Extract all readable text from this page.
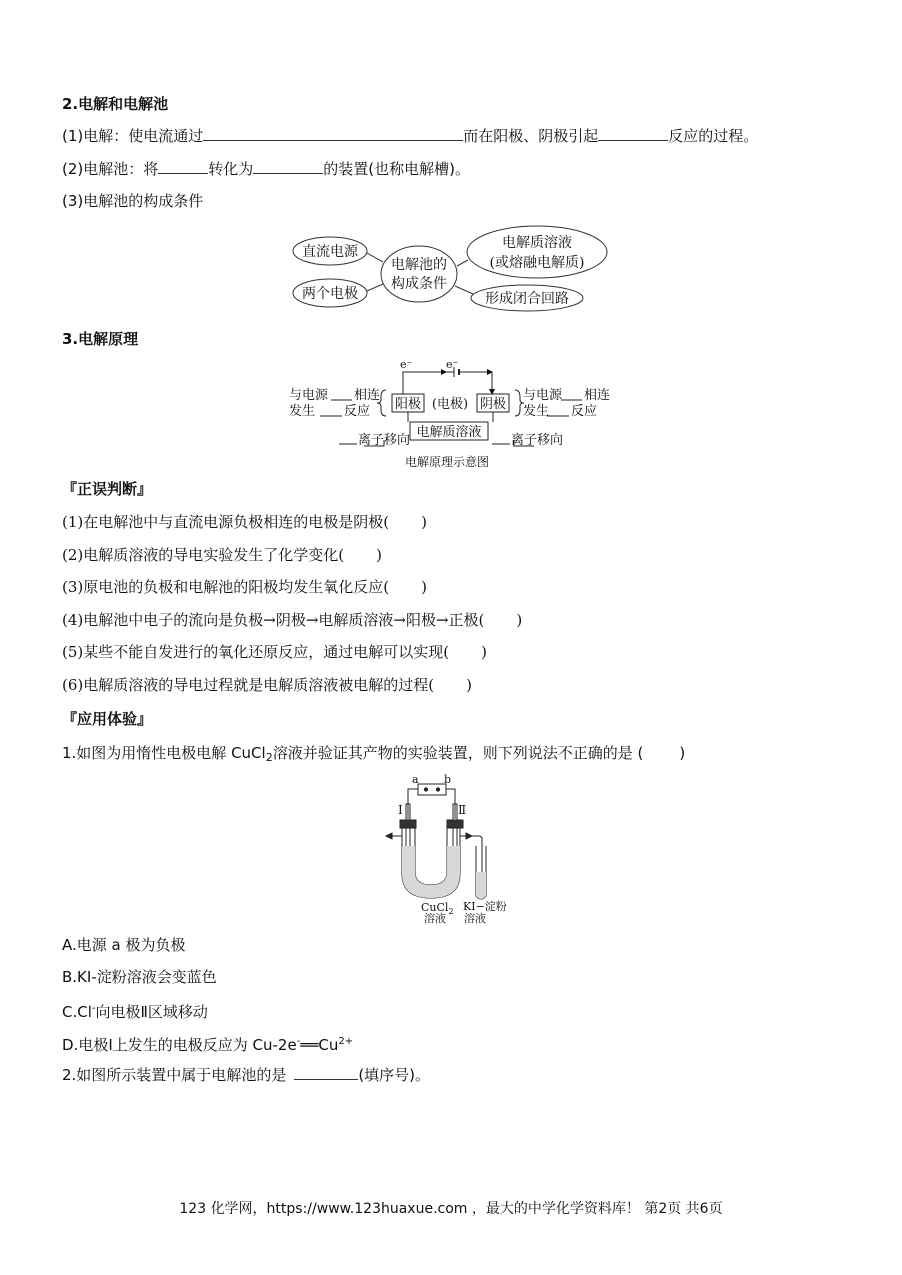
2.电解和电解池
(1)电解：使电流通过	而在阳极、阴极引起	反应的过程。
(2)电解池：将	转化为	的装置(也称电解槽)。
(3)电解池的构成条件
直流电源
两个电极
电解池的
构成条件
电解质溶液
(或熔融电解质)
形成闭合回路
3.电解原理
e⁻	e⁻
与电源 相连
发生 反应 阳极 (电极) 阴极
与电源 相连
发生 反应
电解质溶液
离子移向	离子移向
电解原理示意图
『正误判断』
(1)在电解池中与直流电源负极相连的电极是阴极( )
(2)电解质溶液的导电实验发生了化学变化( )
(3)原电池的负极和电解池的阳极均发生氧化反应( )
(4)电解池中电子的流向是负极→阴极→电解质溶液→阳极→正极( )
(5)某些不能自发进行的氧化还原反应，通过电解可以实现( )
(6)电解质溶液的导电过程就是电解质溶液被电解的过程( )
『应用体验』
1.如图为用惰性电极电解 CuCl$_2$溶液并验证其产物的实验装置，则下列说法不正确的是 ( )
a b
Ⅰ	Ⅱ
CuCl$_2$
溶液
KI−淀粉
溶液
A.电源 a 极为负极
B.KI-淀粉溶液会变蓝色
C.Cl-向电极Ⅱ区域移动
D.电极Ⅰ上发生的电极反应为 $Cu-2e^-══Cu^{2+}$
2.如图所示装置中属于电解池的是	(填序号)。
123 化学网，https://www.123huaxue.com ，最大的中学化学资料库！ 第2页 共6页
